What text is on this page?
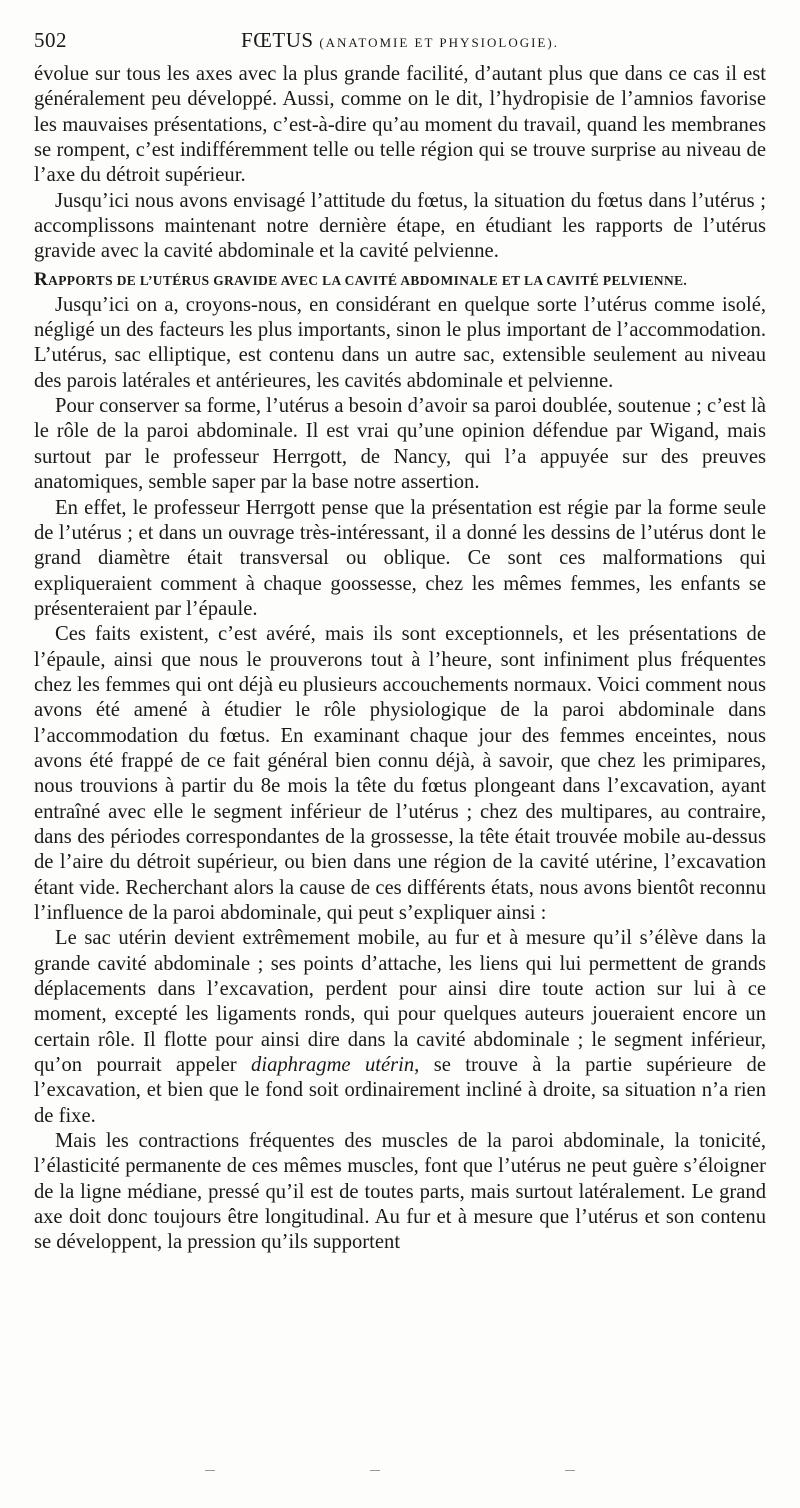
502	FŒTUS (ANATOMIE ET PHYSIOLOGIE).

évolue sur tous les axes avec la plus grande facilité, d’autant plus que dans ce cas il est généralement peu développé. Aussi, comme on le dit, l’hydropisie de l’amnios favorise les mauvaises présentations, c’est-à-dire qu’au moment du travail, quand les membranes se rompent, c’est indifféremment telle ou telle région qui se trouve surprise au niveau de l’axe du détroit supérieur.

Jusqu’ici nous avons envisagé l’attitude du fœtus, la situation du fœtus dans l’utérus ; accomplissons maintenant notre dernière étape, en étudiant les rapports de l’utérus gravide avec la cavité abdominale et la cavité pelvienne.

RAPPORTS DE L’UTÉRUS GRAVIDE AVEC LA CAVITÉ ABDOMINALE ET LA CAVITÉ PELVIENNE.

Jusqu’ici on a, croyons-nous, en considérant en quelque sorte l’utérus comme isolé, négligé un des facteurs les plus importants, sinon le plus important de l’accommodation. L’utérus, sac elliptique, est contenu dans un autre sac, extensible seulement au niveau des parois latérales et antérieures, les cavités abdominale et pelvienne.

Pour conserver sa forme, l’utérus a besoin d’avoir sa paroi doublée, soutenue ; c’est là le rôle de la paroi abdominale. Il est vrai qu’une opinion défendue par Wigand, mais surtout par le professeur Herrgott, de Nancy, qui l’a appuyée sur des preuves anatomiques, semble saper par la base notre assertion.

En effet, le professeur Herrgott pense que la présentation est régie par la forme seule de l’utérus ; et dans un ouvrage très-intéressant, il a donné les dessins de l’utérus dont le grand diamètre était transversal ou oblique. Ce sont ces malformations qui expliqueraient comment à chaque goossesse, chez les mêmes femmes, les enfants se présenteraient par l’épaule.

Ces faits existent, c’est avéré, mais ils sont exceptionnels, et les présentations de l’épaule, ainsi que nous le prouverons tout à l’heure, sont infiniment plus fréquentes chez les femmes qui ont déjà eu plusieurs accouchements normaux. Voici comment nous avons été amené à étudier le rôle physiologique de la paroi abdominale dans l’accommodation du fœtus. En examinant chaque jour des femmes enceintes, nous avons été frappé de ce fait général bien connu déjà, à savoir, que chez les primipares, nous trouvions à partir du 8e mois la tête du fœtus plongeant dans l’excavation, ayant entraîné avec elle le segment inférieur de l’utérus ; chez des multipares, au contraire, dans des périodes correspondantes de la grossesse, la tête était trouvée mobile au-dessus de l’aire du détroit supérieur, ou bien dans une région de la cavité utérine, l’excavation étant vide. Recherchant alors la cause de ces différents états, nous avons bientôt reconnu l’influence de la paroi abdominale, qui peut s’expliquer ainsi :

Le sac utérin devient extrêmement mobile, au fur et à mesure qu’il s’élève dans la grande cavité abdominale ; ses points d’attache, les liens qui lui permettent de grands déplacements dans l’excavation, perdent pour ainsi dire toute action sur lui à ce moment, excepté les ligaments ronds, qui pour quelques auteurs joueraient encore un certain rôle. Il flotte pour ainsi dire dans la cavité abdominale ; le segment inférieur, qu’on pourrait appeler diaphragme utérin, se trouve à la partie supérieure de l’excavation, et bien que le fond soit ordinairement incliné à droite, sa situation n’a rien de fixe.

Mais les contractions fréquentes des muscles de la paroi abdominale, la tonicité, l’élasticité permanente de ces mêmes muscles, font que l’utérus ne peut guère s’éloigner de la ligne médiane, pressé qu’il est de toutes parts, mais surtout latéralement. Le grand axe doit donc toujours être longitudinal. Au fur et à mesure que l’utérus et son contenu se développent, la pression qu’ils supportent
